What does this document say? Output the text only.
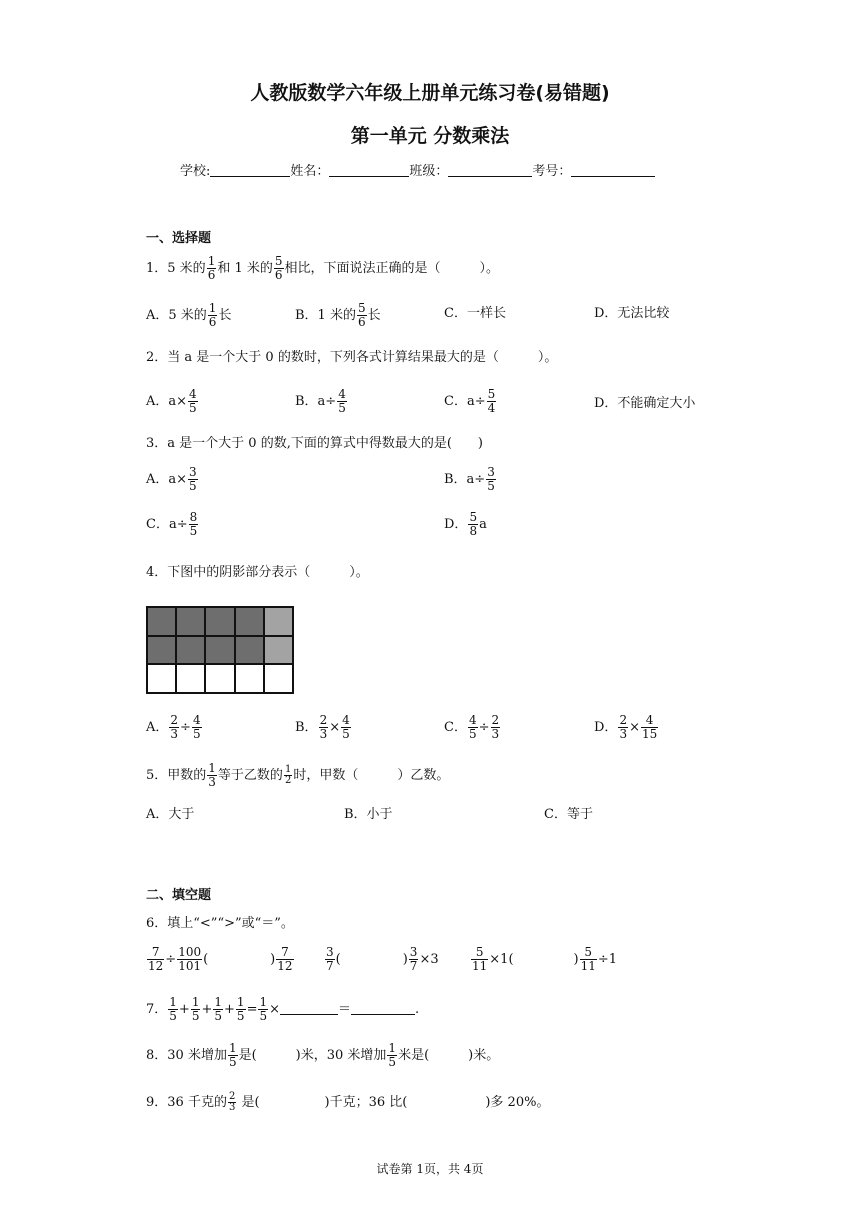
人教版数学六年级上册单元练习卷(易错题)
第一单元 分数乘法
学校:	姓名：	班级：	考号：
一、选择题
1．5 米的 $\frac{1}{6}$ 和 1 米的 $\frac{5}{6}$ 相比，下面说法正确的是（　　　）。
A．5 米的 $\frac{1}{6}$ 长	B．1 米的 $\frac{5}{6}$ 长	C．一样长	D．无法比较
2．当 a 是一个大于 0 的数时，下列各式计算结果最大的是（　　　）。
A．$a\times \frac{4}{5}$	B．$a\div \frac{4}{5}$	C．$a\div \frac{5}{4}$	D．不能确定大小
3．a 是一个大于 0 的数,下面的算式中得数最大的是(　　)
A．$a\times \frac{3}{5}$	B．$a\div \frac{3}{5}$
C．$a\div \frac{8}{5}$	D． $\frac{5}{8}$ a
4．下图中的阴影部分表示（　　　）。
A． $\frac{2}{3} \div \frac{4}{5}$	B． $\frac{2}{3} \times \frac{4}{5}$	C． $\frac{4}{5} \div \frac{2}{3}$	D． $\frac{2}{3} \times \frac{4}{15}$
5．甲数的 $\frac{1}{3}$ 等于乙数的 $\frac{1}{2}$ 时，甲数（　　　）乙数。
A．大于	B．小于	C．等于
二、填空题
6．填上“<”“>”或“＝”。
$\frac{7}{12} \div \frac{100}{101}$ (	) $\frac{7}{12}$	$\frac{3}{7}$ (	) $\frac{3}{7} \times 3$	$\frac{5}{11} \times 1$(	) $\frac{5}{11} \div 1$
7． $\frac{1}{5} + \frac{1}{5} + \frac{1}{5} + \frac{1}{5} = \frac{1}{5}$ ×	＝	.
8．30 米增加 $\frac{1}{5}$ 是(　　　)米，30 米增加 $\frac{1}{5}$ 米是(　　　)米。
9．36 千克的 $\frac{2}{3}$ 是(　　　　　)千克；36 比(　　　　　　)多 20%。
试卷第 1页，共 4页
